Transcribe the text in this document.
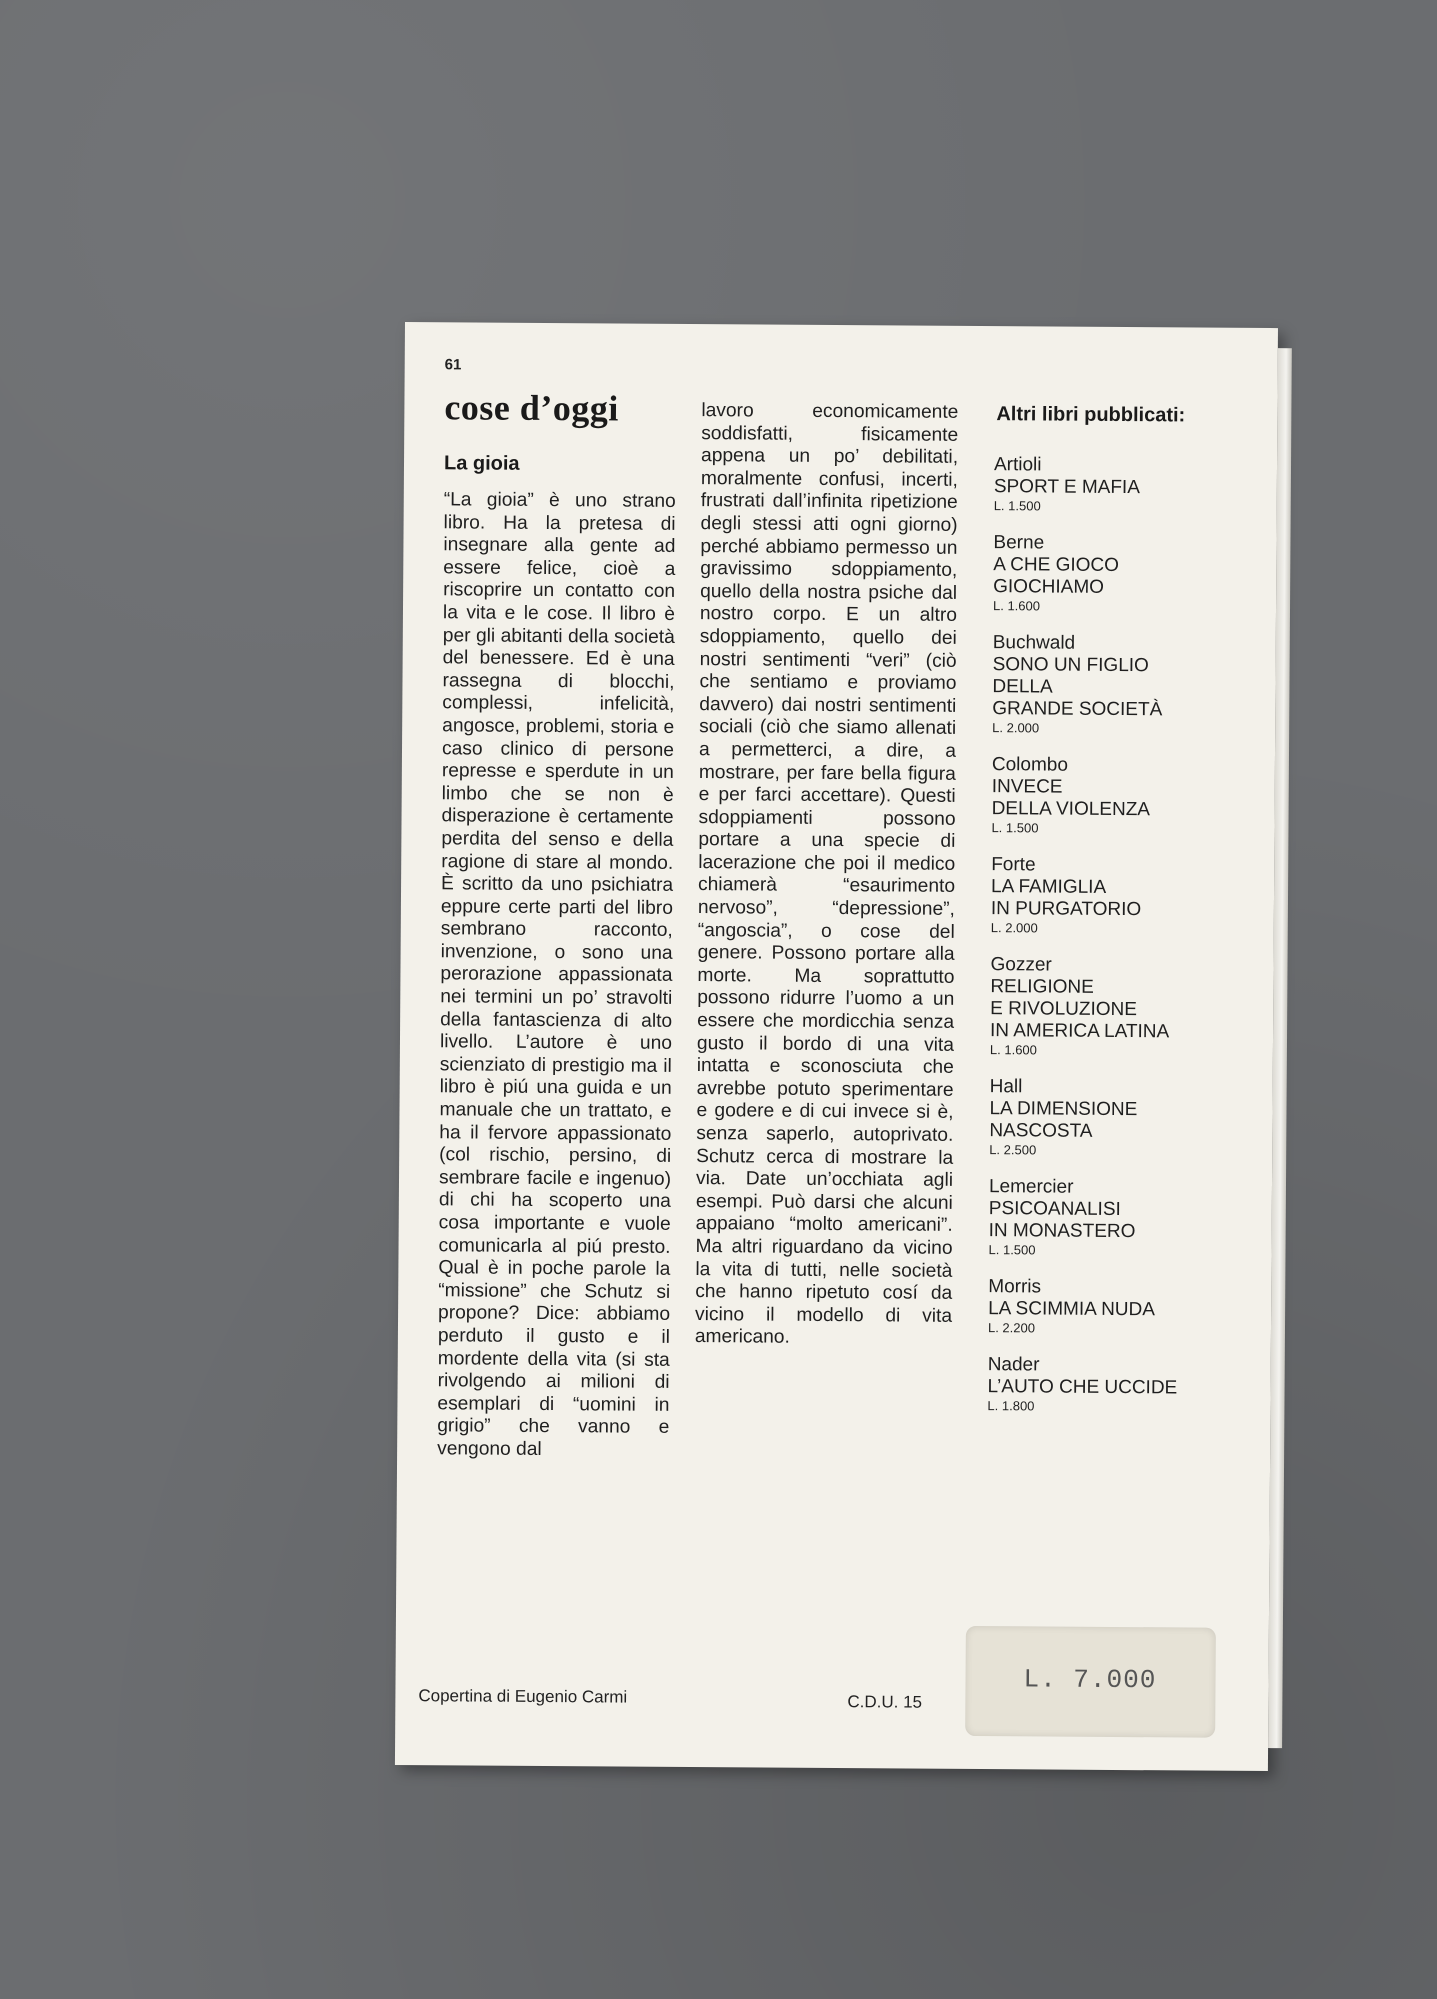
61
cose d’oggi
La gioia

“La gioia” è uno strano libro. Ha la pretesa di insegnare alla gente ad essere felice, cioè a riscoprire un contatto con la vita e le cose. Il libro è per gli abitanti della società del benessere. Ed è una rassegna di blocchi, complessi, infelicità, angosce, problemi, storia e caso clinico di persone represse e sperdute in un limbo che se non è disperazione è certamente perdita del senso e della ragione di stare al mondo. È scritto da uno psichiatra eppure certe parti del libro sembrano racconto, invenzione, o sono una perorazione appassionata nei termini un po’ stravolti della fantascienza di alto livello. L’autore è uno scienziato di prestigio ma il libro è piú una guida e un manuale che un trattato, e ha il fervore appassionato (col rischio, persino, di sembrare facile e ingenuo) di chi ha scoperto una cosa importante e vuole comunicarla al piú presto. Qual è in poche parole la “missione” che Schutz si propone? Dice: abbiamo perduto il gusto e il mordente della vita (si sta rivolgendo ai milioni di esemplari di “uomini in grigio” che vanno e vengono dal

lavoro economicamente soddisfatti, fisicamente appena un po’ debilitati, moralmente confusi, incerti, frustrati dall’infinita ripetizione degli stessi atti ogni giorno) perché abbiamo permesso un gravissimo sdoppiamento, quello della nostra psiche dal nostro corpo. E un altro sdoppiamento, quello dei nostri sentimenti “veri” (ciò che sentiamo e proviamo davvero) dai nostri sentimenti sociali (ciò che siamo allenati a permetterci, a dire, a mostrare, per fare bella figura e per farci accettare). Questi sdoppiamenti possono portare a una specie di lacerazione che poi il medico chiamerà “esaurimento nervoso”, “depressione”, “angoscia”, o cose del genere. Possono portare alla morte. Ma soprattutto possono ridurre l’uomo a un essere che mordicchia senza gusto il bordo di una vita intatta e sconosciuta che avrebbe potuto sperimentare e godere e di cui invece si è, senza saperlo, autoprivato. Schutz cerca di mostrare la via. Date un’occhiata agli esempi. Può darsi che alcuni appaiano “molto americani”. Ma altri riguardano da vicino la vita di tutti, nelle società che hanno ripetuto cosí da vicino il modello di vita americano.

Altri libri pubblicati:
Artioli
SPORT E MAFIA
L. 1.500
Berne
A CHE GIOCO
GIOCHIAMO
L. 1.600
Buchwald
SONO UN FIGLIO
DELLA
GRANDE SOCIETÀ
L. 2.000
Colombo
INVECE
DELLA VIOLENZA
L. 1.500
Forte
LA FAMIGLIA
IN PURGATORIO
L. 2.000
Gozzer
RELIGIONE
E RIVOLUZIONE
IN AMERICA LATINA
L. 1.600
Hall
LA DIMENSIONE
NASCOSTA
L. 2.500
Lemercier
PSICOANALISI
IN MONASTERO
L. 1.500
Morris
LA SCIMMIA NUDA
L. 2.200
Nader
L’AUTO CHE UCCIDE
L. 1.800
Copertina di Eugenio Carmi	C.D.U. 15
L. 7.000
